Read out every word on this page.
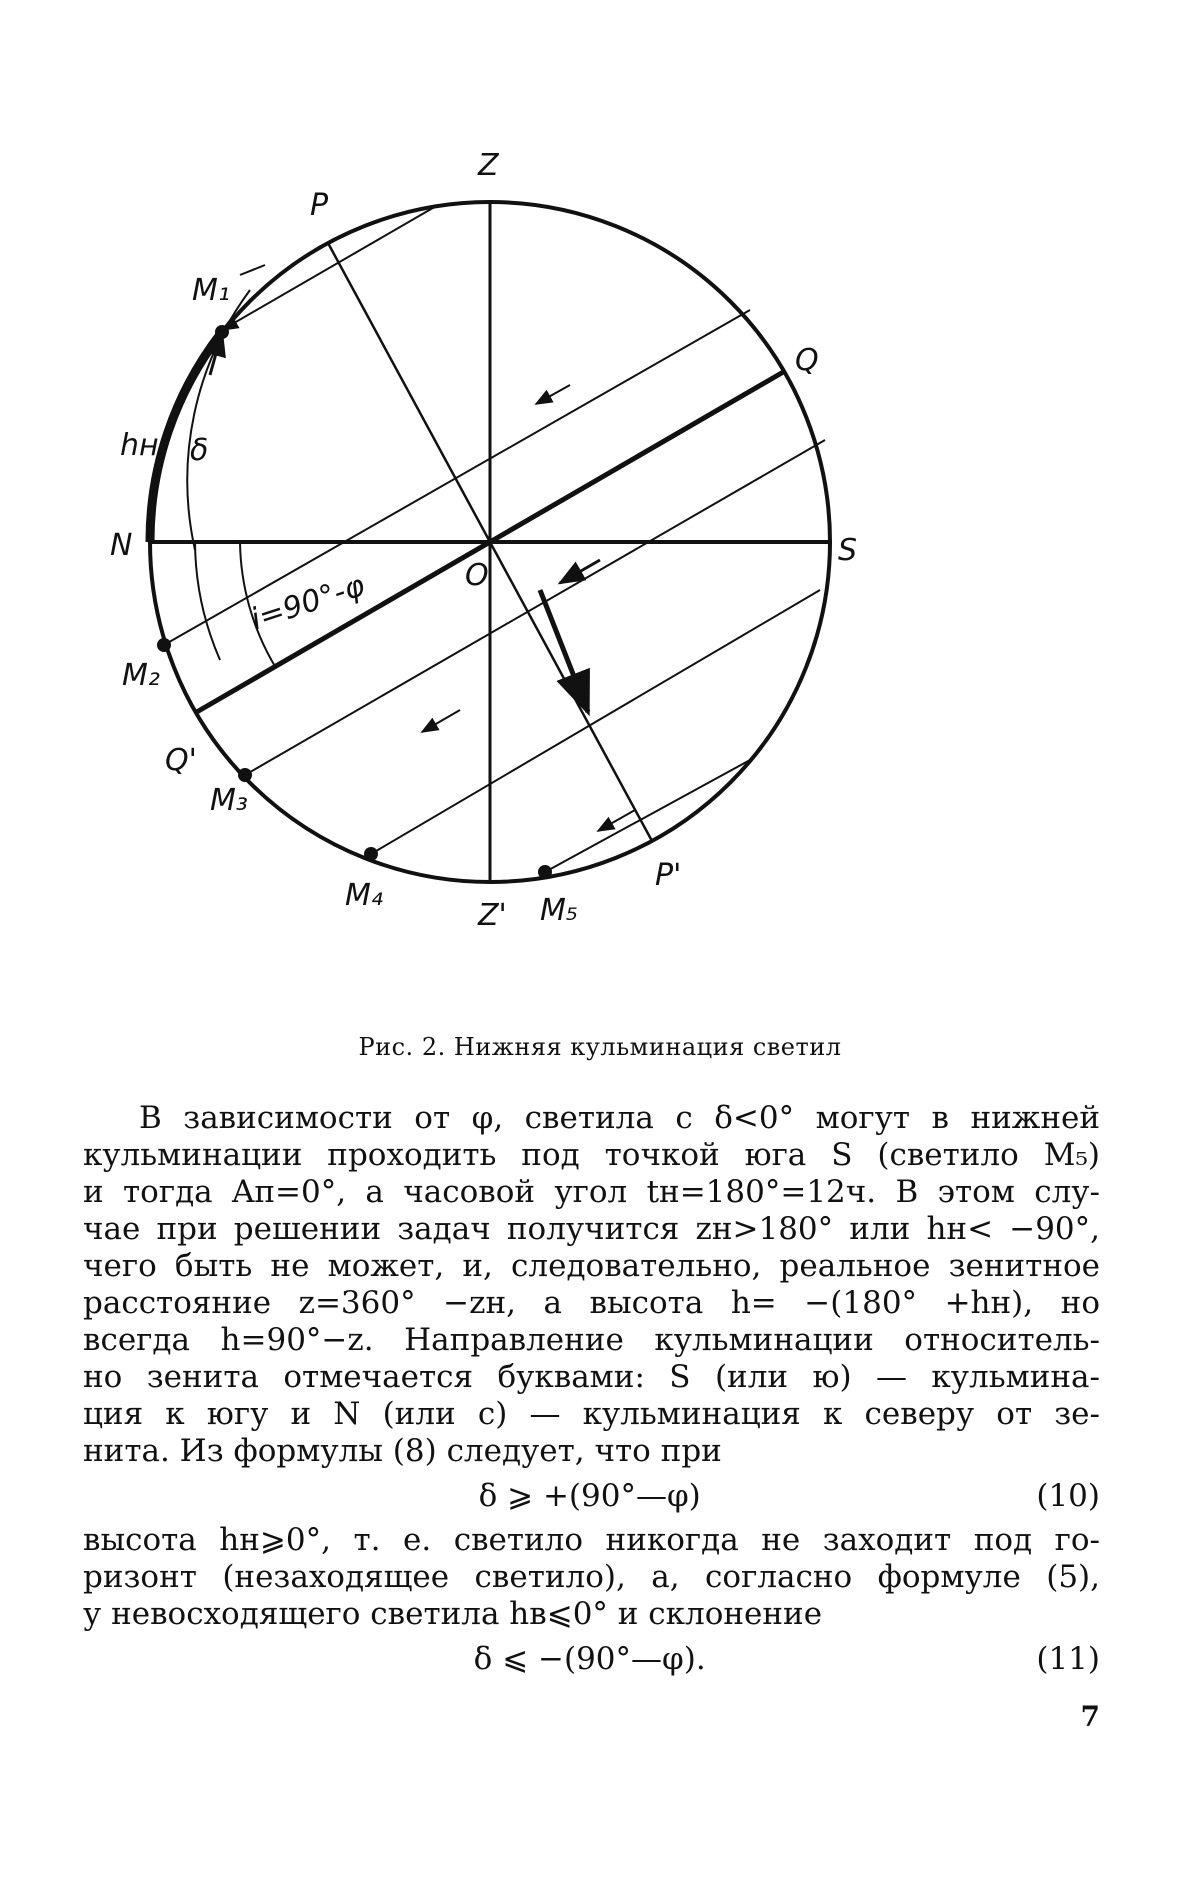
Z
P
M₁
Q
hн δ
N	S
O
i=90°-φ
M₂
Q'
M₃
P'
M₄
Z' M₅
Рис. 2. Нижняя кульминация светил
В зависимости от φ, светила с δ<0° могут в нижней
кульминации проходить под точкой юга S (светило M₅)
и тогда Aп=0°, а часовой угол tн=180°=12ч. В этом слу-
чае при решении задач получится zн>180° или hн< −90°,
чего быть не может, и, следовательно, реальное зенитное
расстояние z=360° −zн, а высота h= −(180° +hн), но
всегда h=90°−z. Направление кульминации относитель-
но зенита отмечается буквами: S (или ю) — кульмина-
ция к югу и N (или с) — кульминация к северу от зе-
нита. Из формулы (8) следует, что при
δ ⩾ +(90°—φ)	(10)
высота hн⩾0°, т. е. светило никогда не заходит под го-
ризонт (незаходящее светило), а, согласно формуле (5),
у невосходящего светила hв⩽0° и склонение
δ ⩽ −(90°—φ).	(11)
7
